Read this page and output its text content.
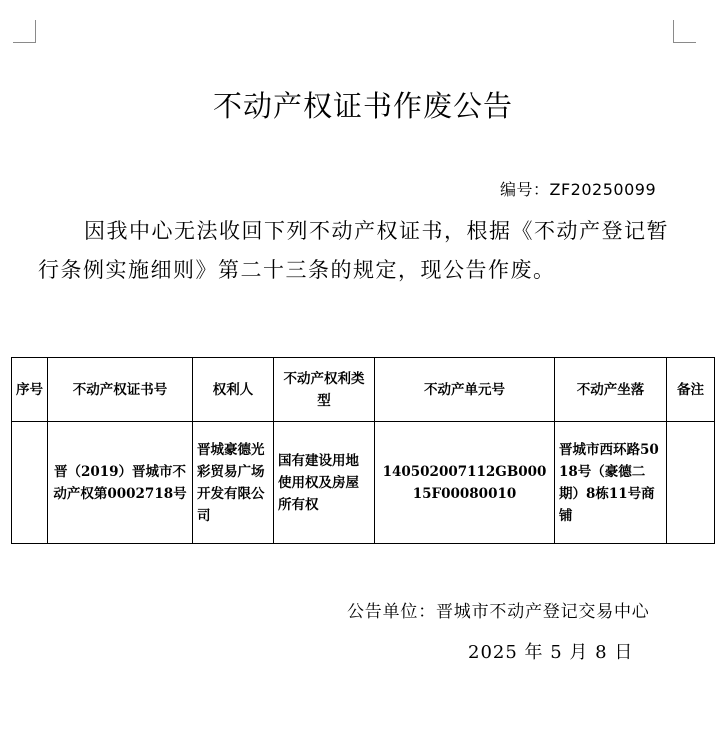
不动产权证书作废公告
编号：ZF20250099
因我中心无法收回下列不动产权证书，根据《不动产登记暂行条例实施细则》第二十三条的规定，现公告作废。
序号	不动产权证书号	权利人	不动产权利类型	不动产单元号	不动产坐落	备注
	晋（2019）晋城市不动产权第0002718号	晋城豪德光彩贸易广场开发有限公司	国有建设用地使用权及房屋所有权	140502007112GB00015F00080010	晋城市西环路5018号（豪德二期）8栋11号商铺	
公告单位：晋城市不动产登记交易中心
2025 年 5 月 8 日
